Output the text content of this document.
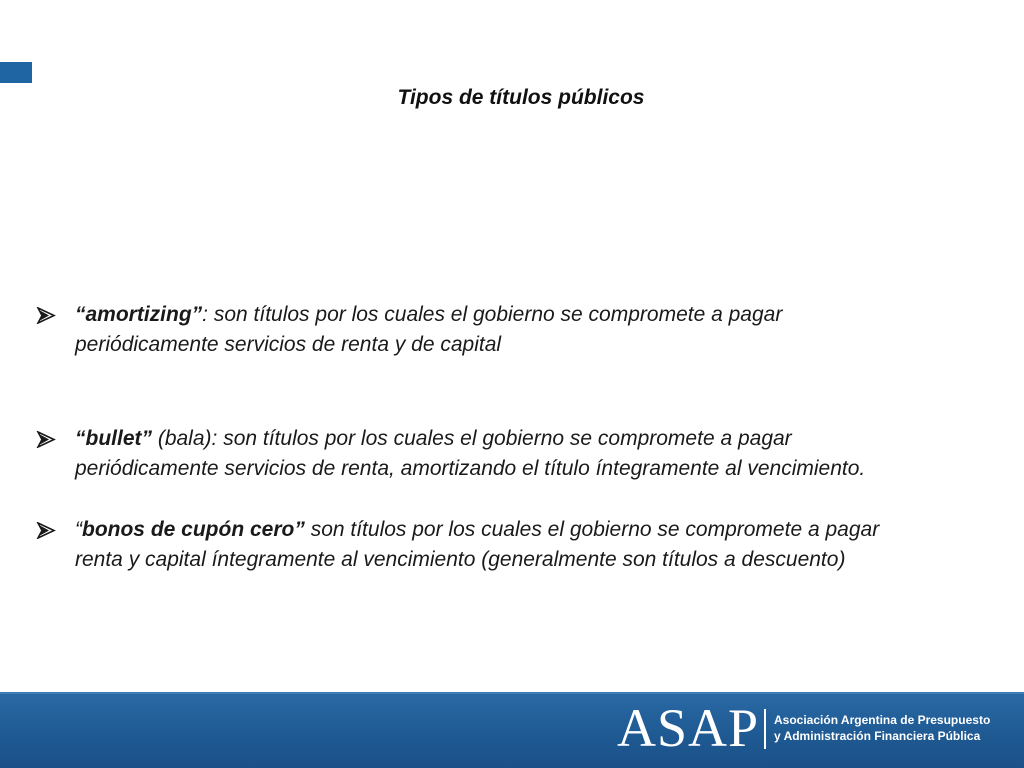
Tipos de títulos públicos
“amortizing”: son títulos por los cuales el gobierno se compromete a pagar
periódicamente servicios de renta y de capital
“bullet” (bala): son títulos por los cuales el gobierno se compromete a pagar
periódicamente servicios de renta, amortizando el título íntegramente al vencimiento.
“bonos de cupón cero” son títulos por los cuales el gobierno se compromete a pagar
renta y capital íntegramente al vencimiento (generalmente son títulos a descuento)
ASAP Asociación Argentina de Presupuesto
y Administración Financiera Pública
